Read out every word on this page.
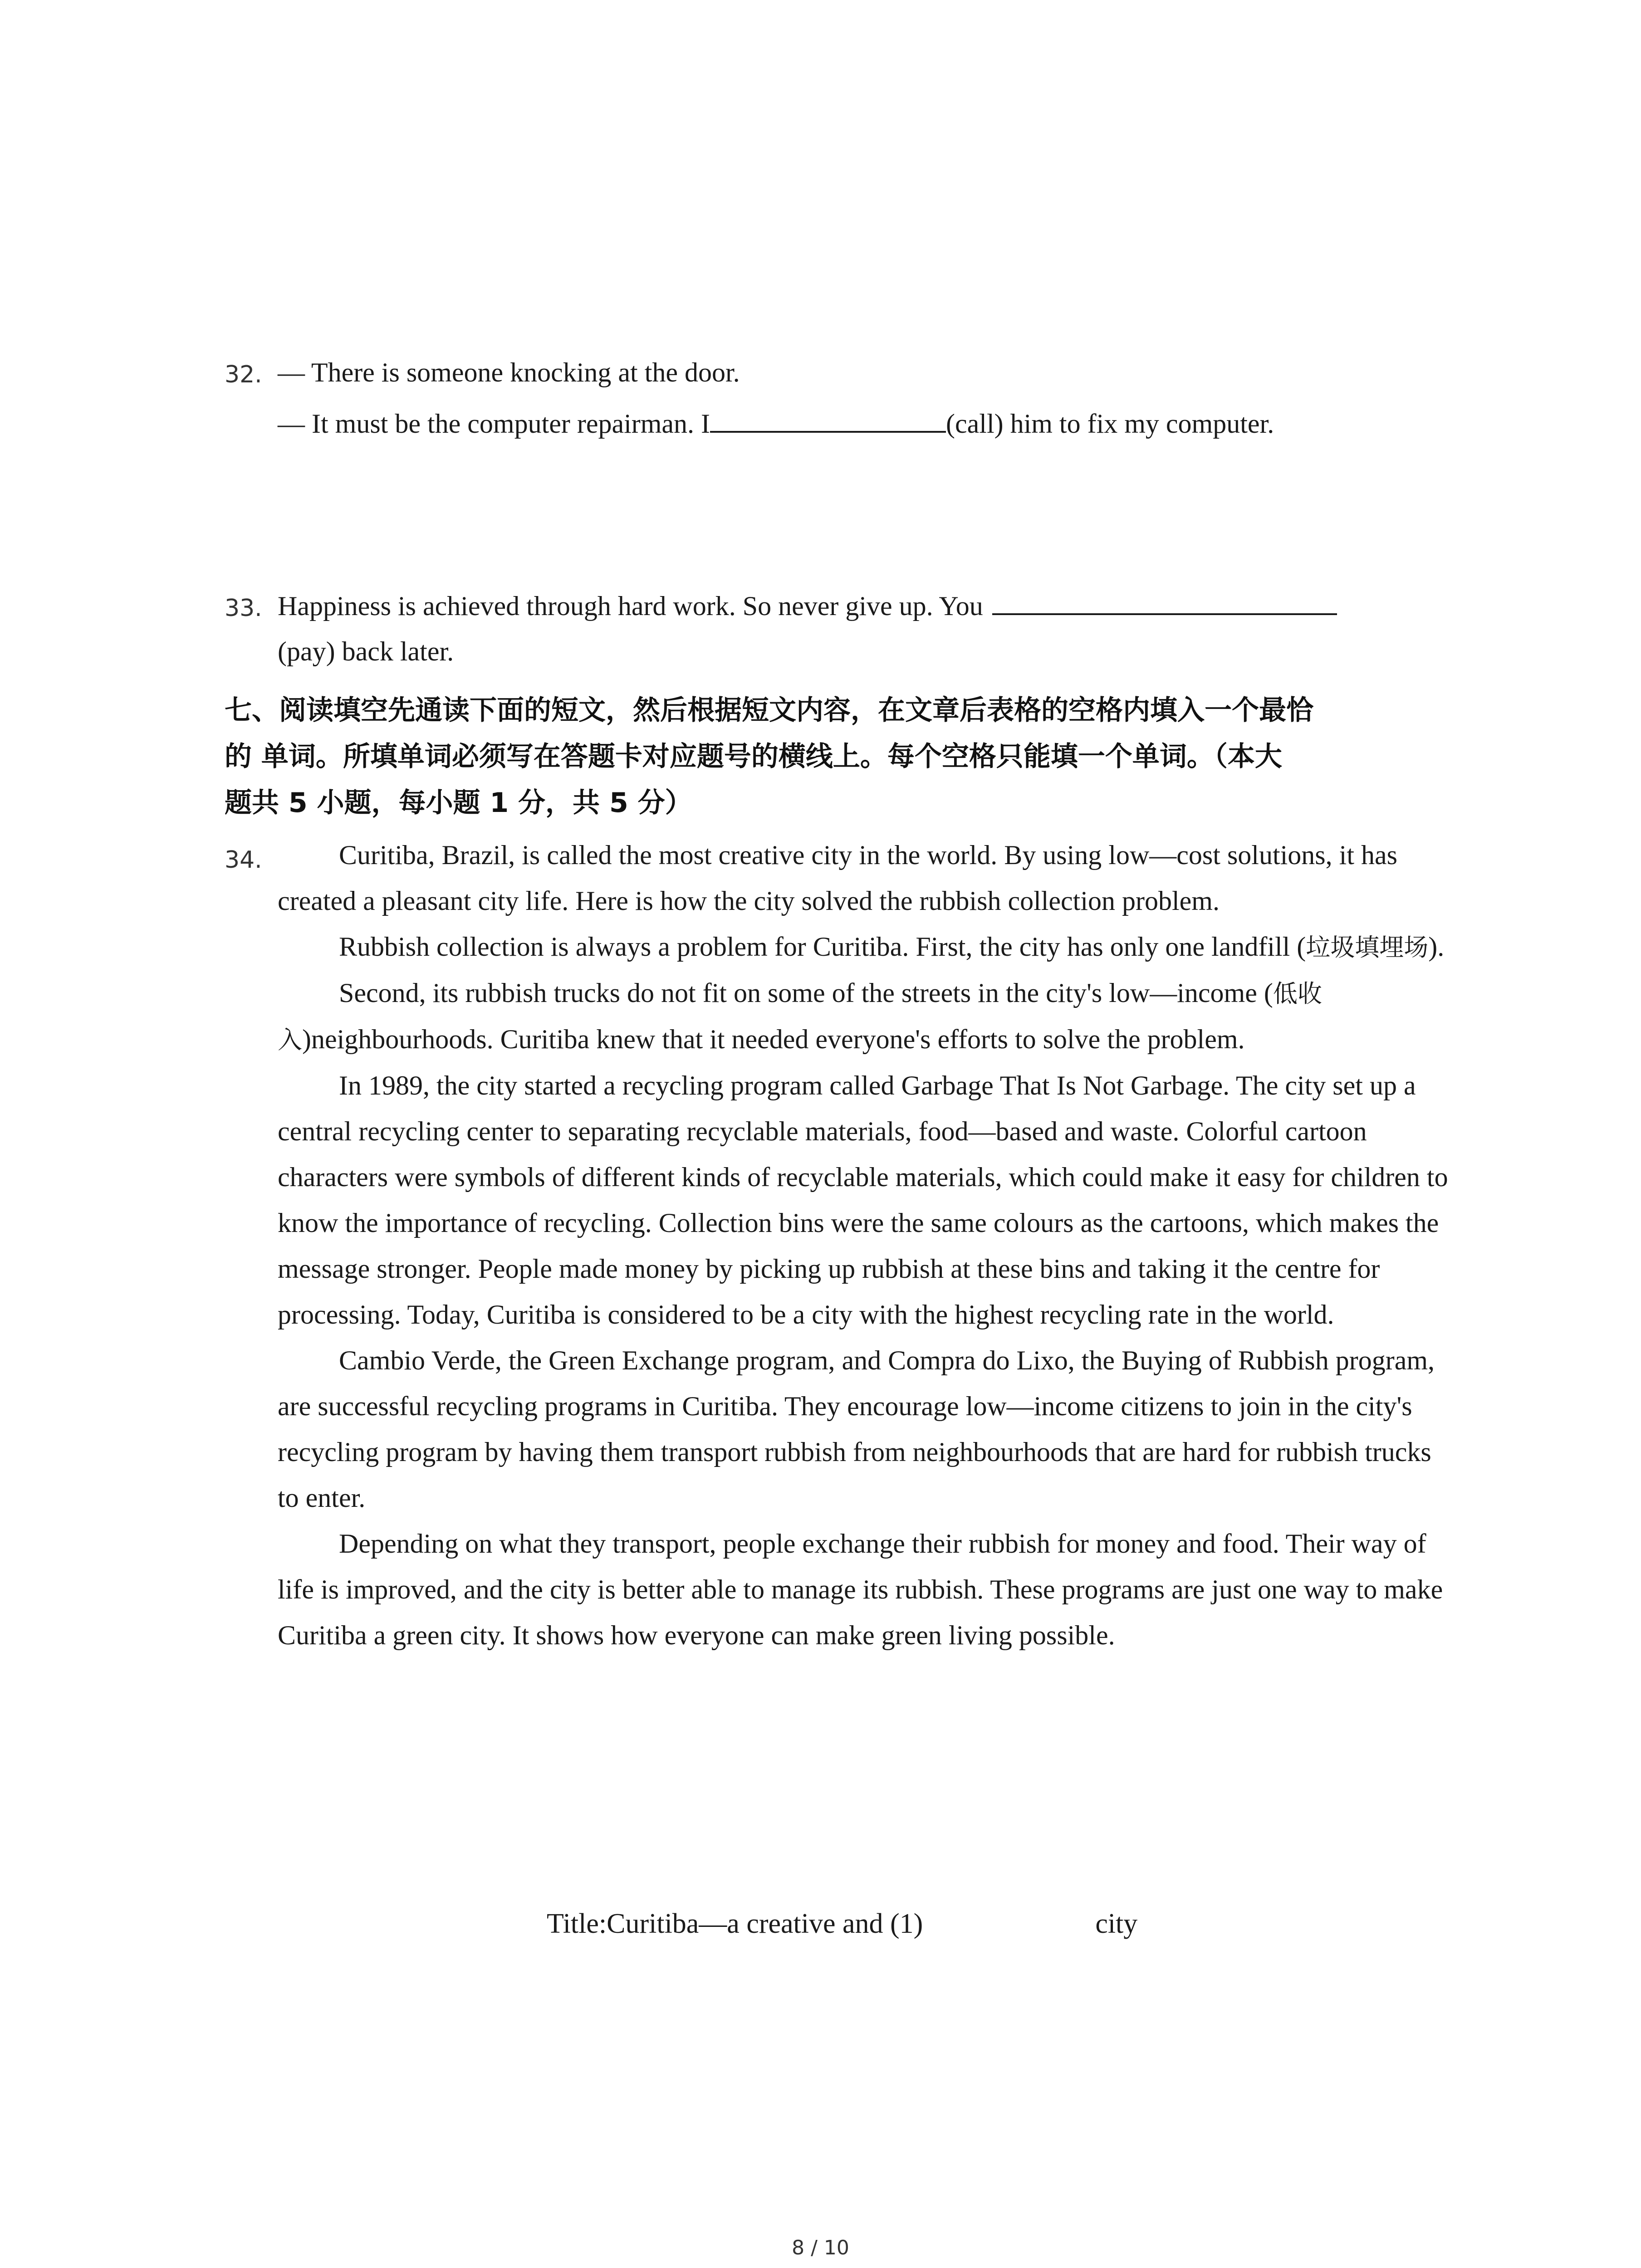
32. — There is someone knocking at the door.
— It must be the computer repairman. I	(call) him to fix my computer.
33. Happiness is achieved through hard work. So never give up. You
(pay) back later.
七、阅读填空先通读下面的短文，然后根据短文内容，在文章后表格的空格内填入一个最恰
的 单词。所填单词必须写在答题卡对应题号的横线上。每个空格只能填一个单词。（本大
题共 5 小题，每小题 1 分，共 5 分）
34.	Curitiba, Brazil, is called the most creative city in the world. By using low—cost solutions, it has created a pleasant city life. Here is how the city solved the rubbish collection problem.

Rubbish collection is always a problem for Curitiba. First, the city has only one landfill (垃圾填埋场).

Second, its rubbish trucks do not fit on some of the streets in the city's low—income (低收入)neighbourhoods. Curitiba knew that it needed everyone's efforts to solve the problem.

In 1989, the city started a recycling program called Garbage That Is Not Garbage. The city set up a central recycling center to separating recyclable materials, food—based and waste. Colorful cartoon characters were symbols of different kinds of recyclable materials, which could make it easy for children to know the importance of recycling. Collection bins were the same colours as the cartoons, which makes the message stronger. People made money by picking up rubbish at these bins and taking it the centre for processing. Today, Curitiba is considered to be a city with the highest recycling rate in the world.

Cambio Verde, the Green Exchange program, and Compra do Lixo, the Buying of Rubbish program, are successful recycling programs in Curitiba. They encourage low—income citizens to join in the city's recycling program by having them transport rubbish from neighbourhoods that are hard for rubbish trucks to enter.

Depending on what they transport, people exchange their rubbish for money and food. Their way of life is improved, and the city is better able to manage its rubbish. These programs are just one way to make Curitiba a green city. It shows how everyone can make green living possible.

Title:Curitiba—a creative and (1)	city
8 / 10
